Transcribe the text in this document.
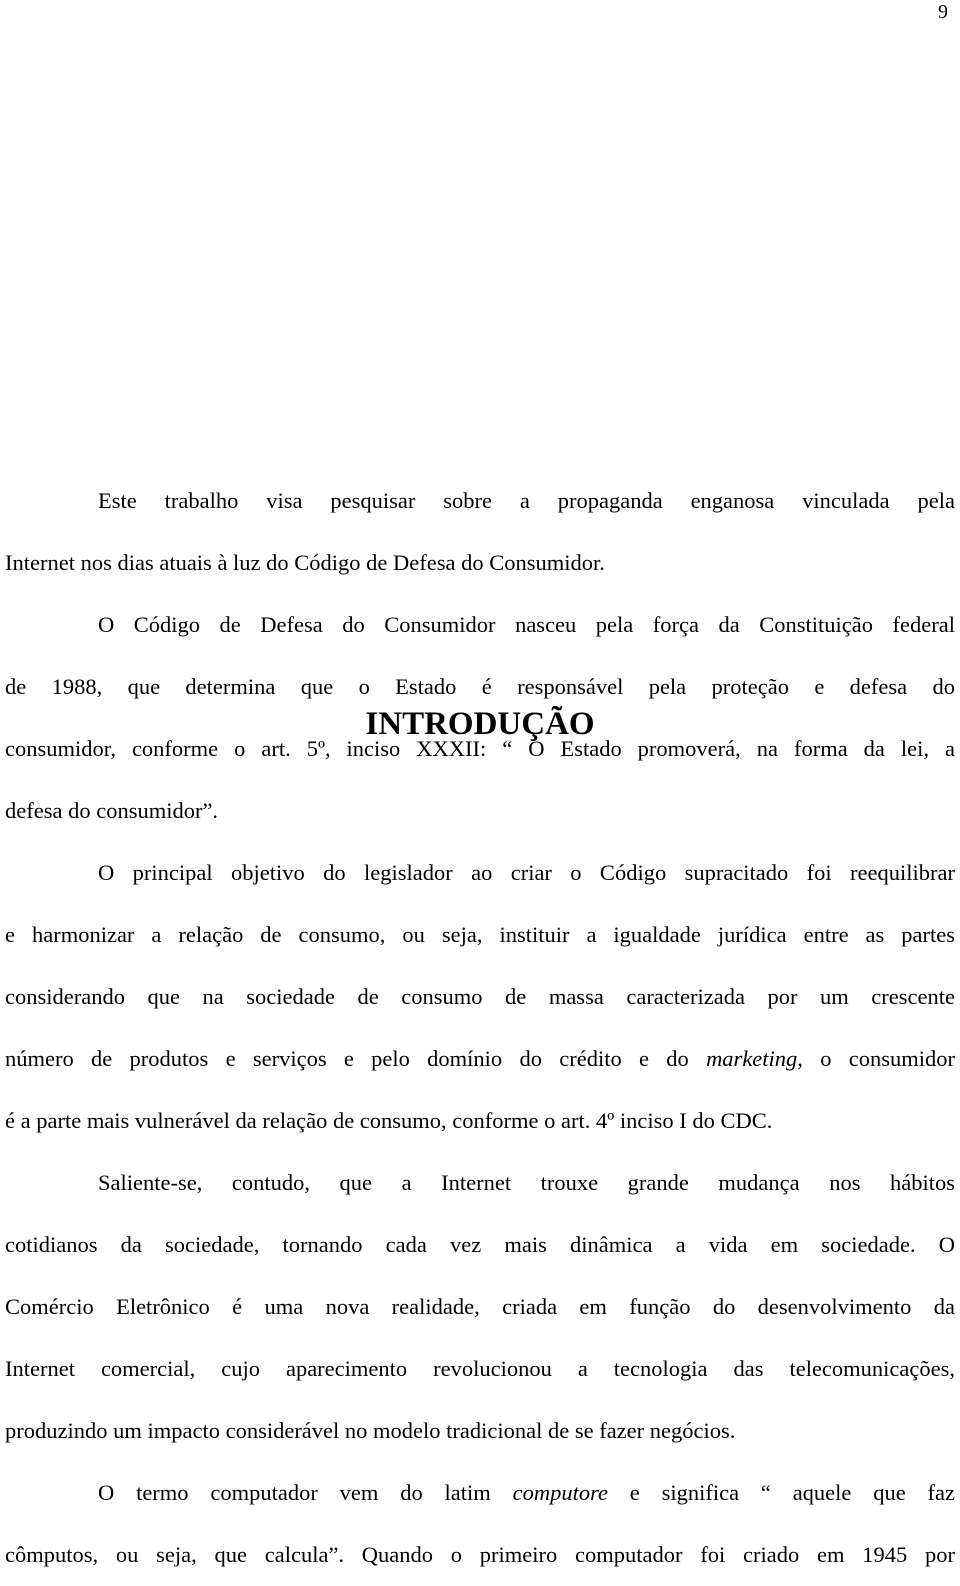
9
INTRODUÇÃO
Este trabalho visa pesquisar sobre a propaganda enganosa vinculada pela
Internet nos dias atuais à luz do Código de Defesa do Consumidor.
O Código de Defesa do Consumidor nasceu pela força da Constituição federal
de 1988, que determina que o Estado é responsável pela proteção e defesa do
consumidor, conforme o art. 5º, inciso XXXII: “ O Estado promoverá, na forma da lei, a
defesa do consumidor”.
O principal objetivo do legislador ao criar o Código supracitado foi reequilibrar
e harmonizar a relação de consumo, ou seja, instituir a igualdade jurídica entre as partes
considerando que na sociedade de consumo de massa caracterizada por um crescente
número de produtos e serviços e pelo domínio do crédito e do marketing, o consumidor
é a parte mais vulnerável da relação de consumo, conforme o art. 4º inciso I do CDC.
Saliente-se, contudo, que a Internet trouxe grande mudança nos hábitos
cotidianos da sociedade, tornando cada vez mais dinâmica a vida em sociedade. O
Comércio Eletrônico é uma nova realidade, criada em função do desenvolvimento da
Internet comercial, cujo aparecimento revolucionou a tecnologia das telecomunicações,
produzindo um impacto considerável no modelo tradicional de se fazer negócios.
O termo computador vem do latim computore e significa “ aquele que faz
cômputos, ou seja, que calcula”. Quando o primeiro computador foi criado em 1945 por
